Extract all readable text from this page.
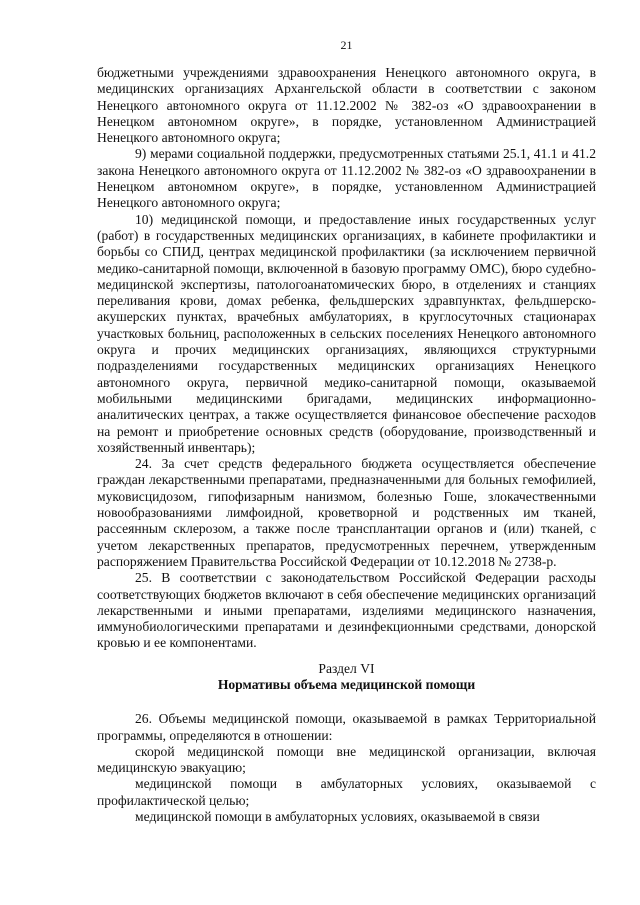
21

бюджетными учреждениями здравоохранения Ненецкого автономного округа, в медицинских организациях Архангельской области в соответствии с законом Ненецкого автономного округа от 11.12.2002 № 382-оз «О здравоохранении в Ненецком автономном округе», в порядке, установленном Администрацией Ненецкого автономного округа;

9) мерами социальной поддержки, предусмотренных статьями 25.1, 41.1 и 41.2 закона Ненецкого автономного округа от 11.12.2002 № 382-оз «О здравоохранении в Ненецком автономном округе», в порядке, установленном Администрацией Ненецкого автономного округа;

10) медицинской помощи, и предоставление иных государственных услуг (работ) в государственных медицинских организациях, в кабинете профилактики и борьбы со СПИД, центрах медицинской профилактики (за исключением первичной медико-санитарной помощи, включенной в базовую программу ОМС), бюро судебно-медицинской экспертизы, патологоанатомических бюро, в отделениях и станциях переливания крови, домах ребенка, фельдшерских здравпунктах, фельдшерско-акушерских пунктах, врачебных амбулаториях, в круглосуточных стационарах участковых больниц, расположенных в сельских поселениях Ненецкого автономного округа и прочих медицинских организациях, являющихся структурными подразделениями государственных медицинских организациях Ненецкого автономного округа, первичной медико-санитарной помощи, оказываемой мобильными медицинскими бригадами, медицинских информационно-аналитических центрах, а также осуществляется финансовое обеспечение расходов на ремонт и приобретение основных средств (оборудование, производственный и хозяйственный инвентарь);

24. За счет средств федерального бюджета осуществляется обеспечение граждан лекарственными препаратами, предназначенными для больных гемофилией, муковисцидозом, гипофизарным нанизмом, болезнью Гоше, злокачественными новообразованиями лимфоидной, кроветворной и родственных им тканей, рассеянным склерозом, а также после трансплантации органов и (или) тканей, с учетом лекарственных препаратов, предусмотренных перечнем, утвержденным распоряжением Правительства Российской Федерации от 10.12.2018 № 2738-р.

25. В соответствии с законодательством Российской Федерации расходы соответствующих бюджетов включают в себя обеспечение медицинских организаций лекарственными и иными препаратами, изделиями медицинского назначения, иммунобиологическими препаратами и дезинфекционными средствами, донорской кровью и ее компонентами.

Раздел VI
Нормативы объема медицинской помощи

26. Объемы медицинской помощи, оказываемой в рамках Территориальной программы, определяются в отношении:

скорой медицинской помощи вне медицинской организации, включая медицинскую эвакуацию;

медицинской помощи в амбулаторных условиях, оказываемой с профилактической целью;

медицинской помощи в амбулаторных условиях, оказываемой в связи
